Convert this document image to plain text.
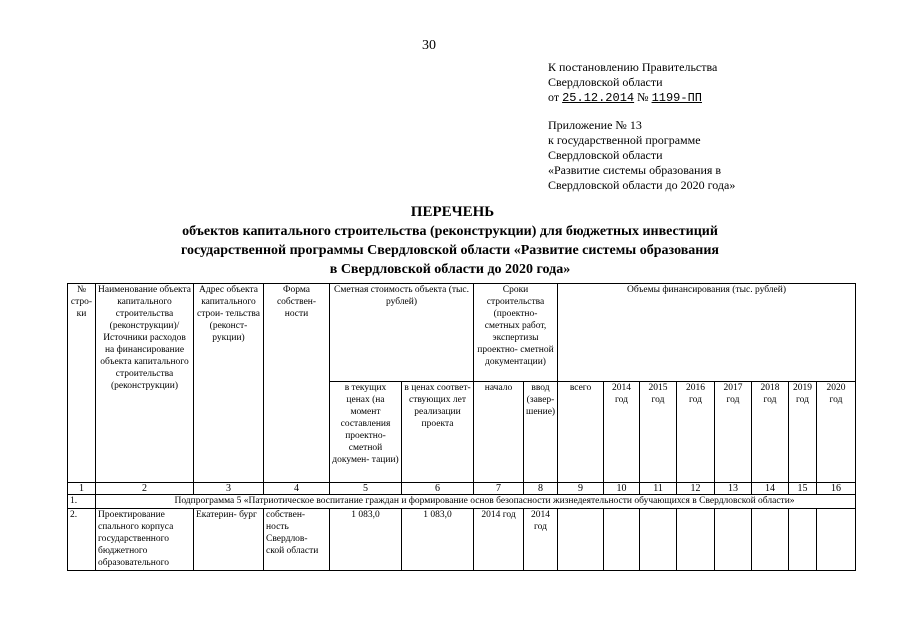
30
К постановлению Правительства
Свердловской области
от 25.12.2014 № 1199-ПП
Приложение № 13
к государственной программе
Свердловской области
«Развитие системы образования в
Свердловской области до 2020 года»
ПЕРЕЧЕНЬ
объектов капитального строительства (реконструкции) для бюджетных инвестиций
государственной программы Свердловской области «Развитие системы образования
в Свердловской области до 2020 года»
№ стро- ки	Наименование объекта капитального строительства (реконструкции)/ Источники расходов на финансирование объекта капитального строительства (реконструкции)	Адрес объекта капитального строи- тельства (реконст- рукции)	Форма собствен- ности	Сметная стоимость объекта (тыс. рублей)		Сроки строительства (проектно- сметных работ, экспертизы проектно- сметной документации)		Объемы финансирования (тыс. рублей)							
				в текущих ценах (на момент составления проектно- сметной докумен- тации)	в ценах соответ- ствующих лет реализации проекта	начало	ввод (завер- шение)	всего	2014 год	2015 год	2016 год	2017 год	2018 год	2019 год	2020 год
1	2	3	4	5	6	7	8	9	10	11	12	13	14	15	16
1.	Подпрограмма 5 «Патриотическое воспитание граждан и формирование основ безопасности жизнедеятельности обучающихся в Свердловской области»														
2.	Проектирование спального корпуса государственного бюджетного образовательного	Екатерин- бург	собствен- ность Свердлов- ской области	1 083,0	1 083,0	2014 год	2014 год								
